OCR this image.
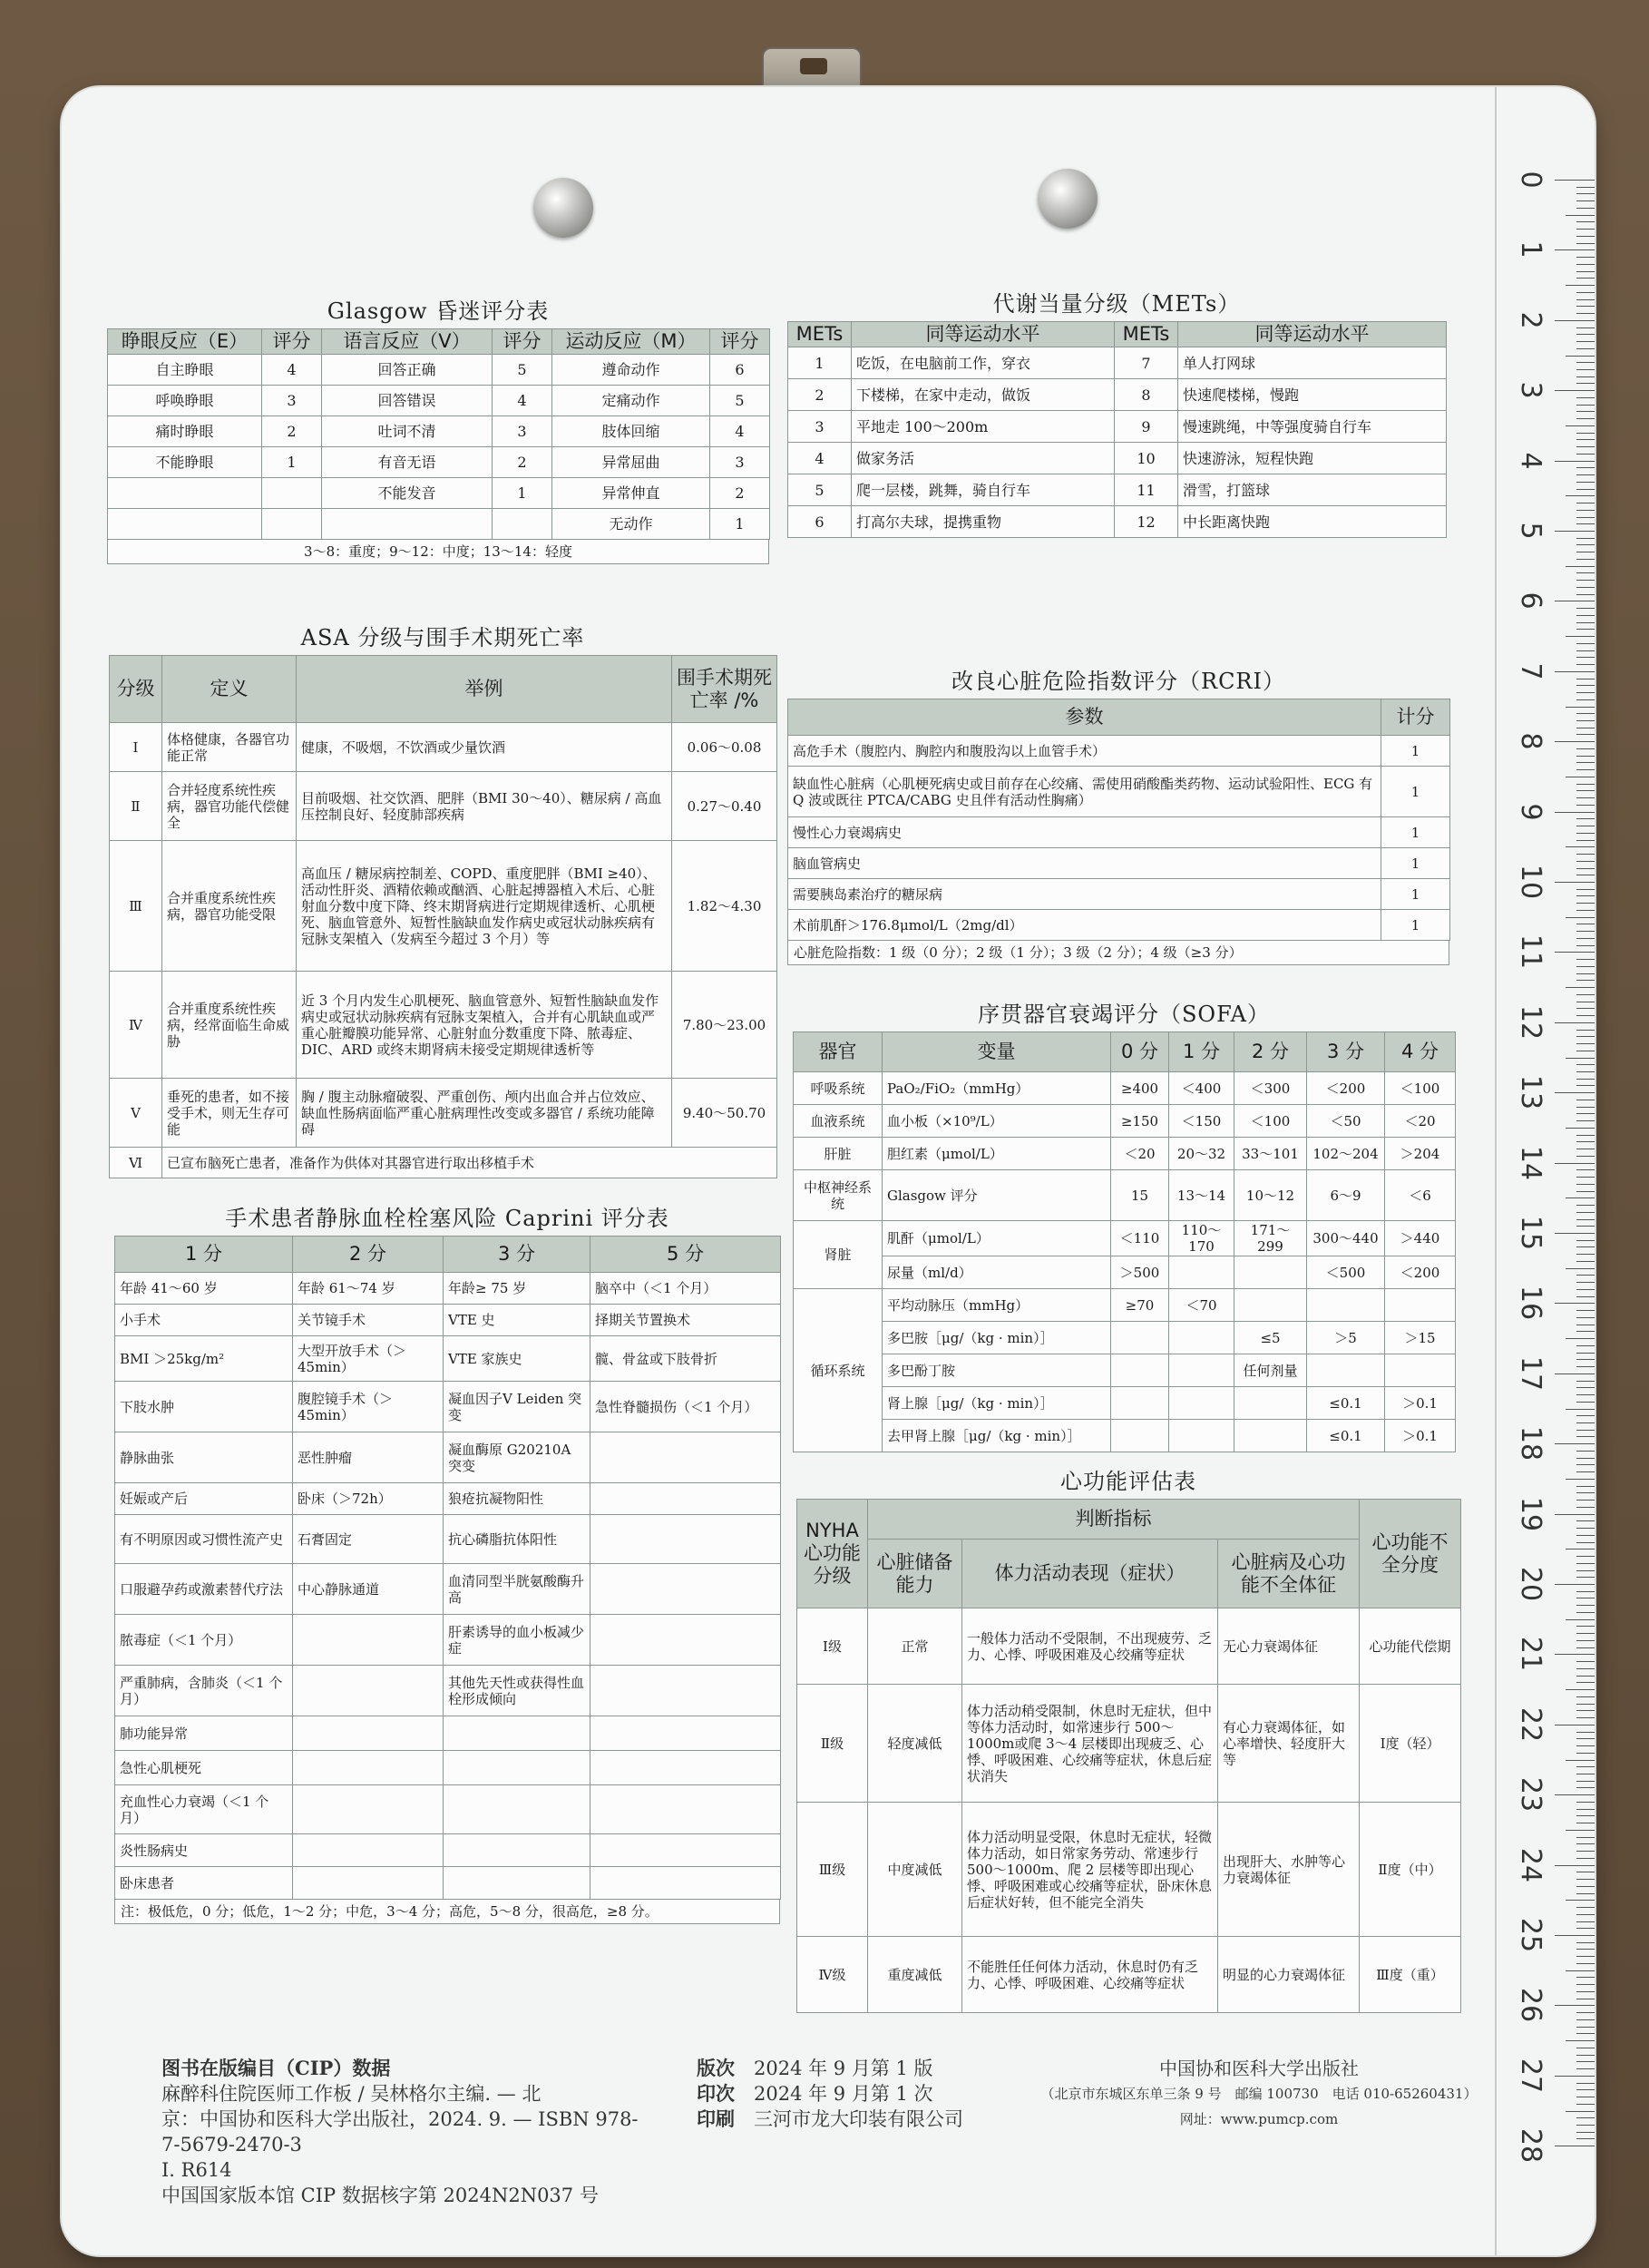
Glasgow 昏迷评分表
睁眼反应（E）	评分	语言反应（V）	评分	运动反应（M）	评分
自主睁眼	4	回答正确	5	遵命动作	6
呼唤睁眼	3	回答错误	4	定痛动作	5
痛时睁眼	2	吐词不清	3	肢体回缩	4
不能睁眼	1	有音无语	2	异常屈曲	3
		不能发音	1	异常伸直	2
				无动作	1
3～8：重度；9～12：中度；13～14：轻度
代谢当量分级（METs）
METs	同等运动水平	METs	同等运动水平
1	吃饭，在电脑前工作，穿衣	7	单人打网球
2	下楼梯，在家中走动，做饭	8	快速爬楼梯，慢跑
3	平地走 100～200m	9	慢速跳绳，中等强度骑自行车
4	做家务活	10	快速游泳，短程快跑
5	爬一层楼，跳舞，骑自行车	11	滑雪，打篮球
6	打高尔夫球，提携重物	12	中长距离快跑
ASA 分级与围手术期死亡率
分级	定义	举例	围手术期死亡率 /%
Ⅰ	体格健康，各器官功能正常	健康，不吸烟，不饮酒或少量饮酒	0.06～0.08
Ⅱ	合并轻度系统性疾病，器官功能代偿健全	目前吸烟、社交饮酒、肥胖（BMI 30～40）、糖尿病 / 高血压控制良好、轻度肺部疾病	0.27～0.40
Ⅲ	合并重度系统性疾病，器官功能受限	高血压 / 糖尿病控制差、COPD、重度肥胖（BMI ≥40）、活动性肝炎、酒精依赖或酗酒、心脏起搏器植入术后、心脏射血分数中度下降、终末期肾病进行定期规律透析、心肌梗死、脑血管意外、短暂性脑缺血发作病史或冠状动脉疾病有冠脉支架植入（发病至今超过 3 个月）等	1.82～4.30
Ⅳ	合并重度系统性疾病，经常面临生命威胁	近 3 个月内发生心肌梗死、脑血管意外、短暂性脑缺血发作病史或冠状动脉疾病有冠脉支架植入，合并有心肌缺血或严重心脏瓣膜功能异常、心脏射血分数重度下降、脓毒症、DIC、ARD 或终末期肾病未接受定期规律透析等	7.80～23.00
Ⅴ	垂死的患者，如不接受手术，则无生存可能	胸 / 腹主动脉瘤破裂、严重创伤、颅内出血合并占位效应、缺血性肠病面临严重心脏病理性改变或多器官 / 系统功能障碍	9.40～50.70
Ⅵ	已宣布脑死亡患者，准备作为供体对其器官进行取出移植手术		
改良心脏危险指数评分（RCRI）
参数	计分
高危手术（腹腔内、胸腔内和腹股沟以上血管手术）	1
缺血性心脏病（心肌梗死病史或目前存在心绞痛、需使用硝酸酯类药物、运动试验阳性、ECG 有 Q 波或既往 PTCA/CABG 史且伴有活动性胸痛）	1
慢性心力衰竭病史	1
脑血管病史	1
需要胰岛素治疗的糖尿病	1
术前肌酐＞176.8μmol/L（2mg/dl）	1
心脏危险指数：1 级（0 分）；2 级（1 分）；3 级（2 分）；4 级（≥3 分）
手术患者静脉血栓栓塞风险 Caprini 评分表
1 分	2 分	3 分	5 分
年龄 41～60 岁	年龄 61～74 岁	年龄≥ 75 岁	脑卒中（＜1 个月）
小手术	关节镜手术	VTE 史	择期关节置换术
BMI ＞25kg/m²	大型开放手术（＞45min）	VTE 家族史	髋、骨盆或下肢骨折
下肢水肿	腹腔镜手术（＞45min）	凝血因子Ⅴ Leiden 突变	急性脊髓损伤（＜1 个月）
静脉曲张	恶性肿瘤	凝血酶原 G20210A 突变	
妊娠或产后	卧床（＞72h）	狼疮抗凝物阳性	
有不明原因或习惯性流产史	石膏固定	抗心磷脂抗体阳性	
口服避孕药或激素替代疗法	中心静脉通道	血清同型半胱氨酸酶升高	
脓毒症（＜1 个月）		肝素诱导的血小板减少症	
严重肺病，含肺炎（＜1 个月）		其他先天性或获得性血栓形成倾向	
肺功能异常			
急性心肌梗死			
充血性心力衰竭（＜1 个月）			
炎性肠病史			
卧床患者			
注：极低危，0 分；低危，1～2 分；中危，3～4 分；高危，5～8 分，很高危，≥8 分。
序贯器官衰竭评分（SOFA）
器官	变量	0 分	1 分	2 分	3 分	4 分
呼吸系统	PaO₂/FiO₂（mmHg）	≥400	＜400	＜300	＜200	＜100
血液系统	血小板（×10⁹/L）	≥150	＜150	＜100	＜50	＜20
肝脏	胆红素（μmol/L）	＜20	20～32	33～101	102～204	＞204
中枢神经系统	Glasgow 评分	15	13～14	10～12	6～9	＜6
肾脏	肌酐（μmol/L）	＜110	110～170	171～299	300～440	＞440
	尿量（ml/d）	＞500			＜500	＜200
循环系统	平均动脉压（mmHg）	≥70	＜70			
	多巴胺［μg/（kg · min）］			≤5	＞5	＞15
	多巴酚丁胺			任何剂量		
	肾上腺［μg/（kg · min）］				≤0.1	＞0.1
	去甲肾上腺［μg/（kg · min）］				≤0.1	＞0.1
心功能评估表
NYHA 心功能分级	判断指标			心功能不全分度
	心脏储备能力	体力活动表现（症状）	心脏病及心功能不全体征	
Ⅰ级	正常	一般体力活动不受限制，不出现疲劳、乏力、心悸、呼吸困难及心绞痛等症状	无心力衰竭体征	心功能代偿期
Ⅱ级	轻度减低	体力活动稍受限制，休息时无症状，但中等体力活动时，如常速步行 500～1000m或爬 3～4 层楼即出现疲乏、心悸、呼吸困难、心绞痛等症状，休息后症状消失	有心力衰竭体征，如心率增快、轻度肝大等	Ⅰ度（轻）
Ⅲ级	中度减低	体力活动明显受限，休息时无症状，轻微体力活动，如日常家务劳动、常速步行 500～1000m、爬 2 层楼等即出现心悸、呼吸困难或心绞痛等症状，卧床休息后症状好转，但不能完全消失	出现肝大、水肿等心力衰竭体征	Ⅱ度（中）
Ⅳ级	重度减低	不能胜任任何体力活动，休息时仍有乏力、心悸、呼吸困难、心绞痛等症状	明显的心力衰竭体征	Ⅲ度（重）
图书在版编目（CIP）数据
麻醉科住院医师工作板 / 吴林格尔主编. — 北
京：中国协和医科大学出版社，2024. 9. — ISBN 978-
7-5679-2470-3
Ⅰ. R614
中国国家版本馆 CIP 数据核字第 2024N2N037 号
版次　 2024 年 9 月第 1 版
印次　 2024 年 9 月第 1 次
印刷　 三河市龙大印装有限公司
中国协和医科大学出版社
（北京市东城区东单三条 9 号　邮编 100730　电话 010-65260431）
网址：www.pumcp.com
0
1
2
3
4
5
6
7
8
9
10
11
12
13
14
15
16
17
18
19
20
21
22
23
24
25
26
27
28
